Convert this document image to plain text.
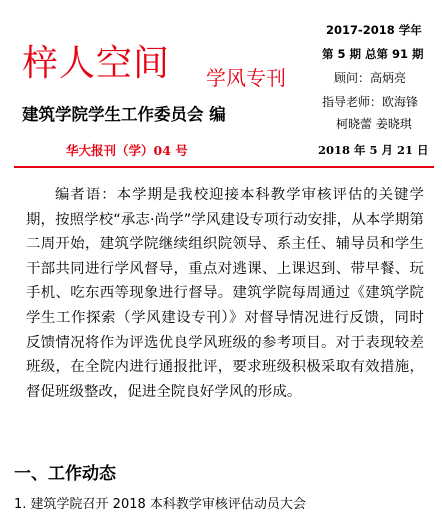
梓人空间 学风专刊
建筑学院学生工作委员会 编
华大报刊（学）04 号
2017-2018 学年
第 5 期 总第 91 期
顾问：高炳亮
指导老师：欧海锋
柯晓蕾 姜晓琪
2018 年 5 月 21 日
编者语：本学期是我校迎接本科教学审核评估的关键学期，按照学校“承志·尚学”学风建设专项行动安排，从本学期第二周开始，建筑学院继续组织院领导、系主任、辅导员和学生干部共同进行学风督导，重点对逃课、上课迟到、带早餐、玩手机、吃东西等现象进行督导。建筑学院每周通过《建筑学院学生工作探索（学风建设专刊）》对督导情况进行反馈，同时反馈情况将作为评选优良学风班级的参考项目。对于表现较差班级，在全院内进行通报批评，要求班级积极采取有效措施，督促班级整改，促进全院良好学风的形成。
一、工作动态
1. 建筑学院召开 2018 本科教学审核评估动员大会
